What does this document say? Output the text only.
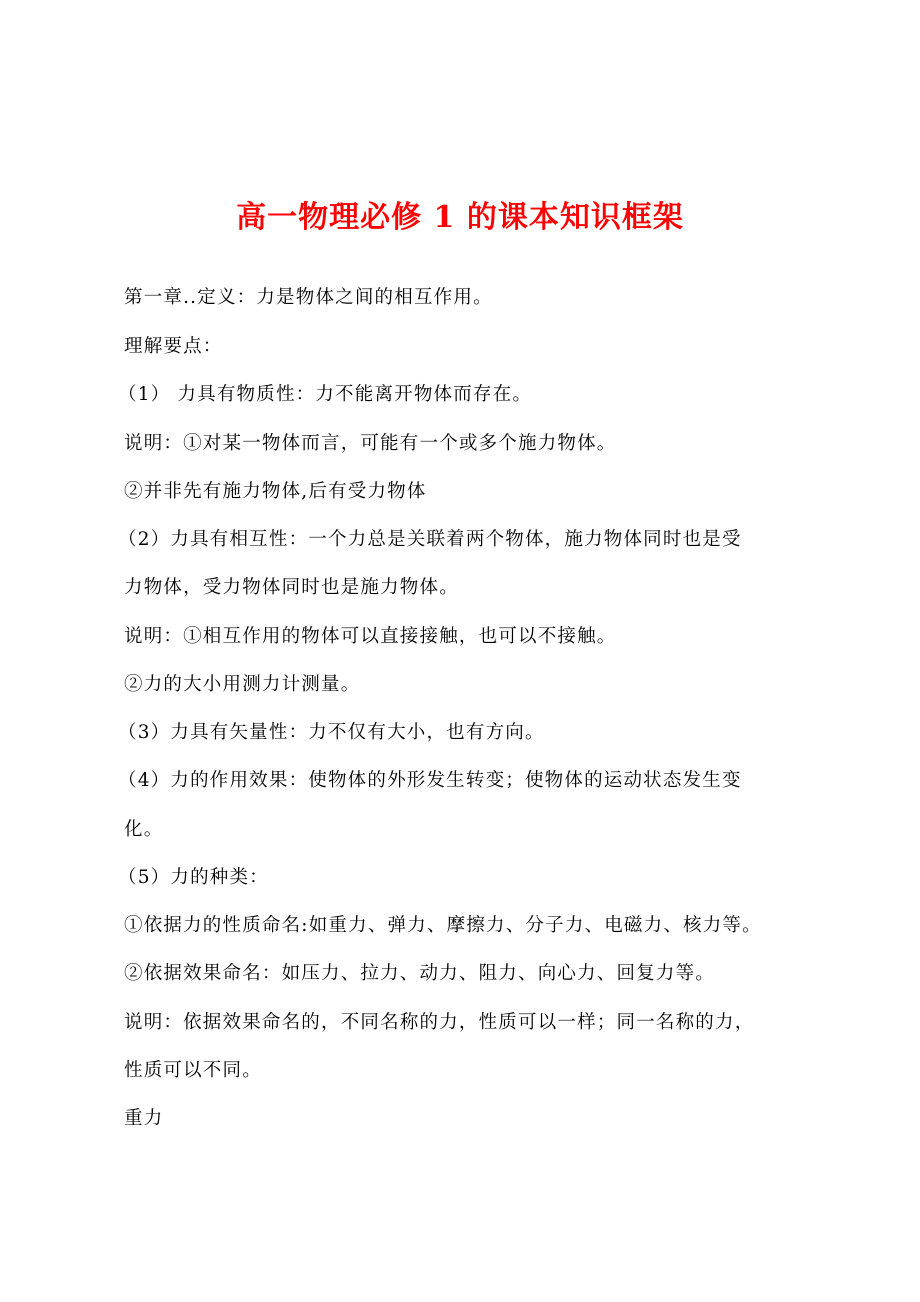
高一物理必修 1 的课本知识框架
第一章..定义：力是物体之间的相互作用。
理解要点：
（1） 力具有物质性：力不能离开物体而存在。
说明：①对某一物体而言，可能有一个或多个施力物体。
②并非先有施力物体,后有受力物体
（2）力具有相互性：一个力总是关联着两个物体，施力物体同时也是受
力物体，受力物体同时也是施力物体。
说明：①相互作用的物体可以直接接触，也可以不接触。
②力的大小用测力计测量。
（3）力具有矢量性：力不仅有大小，也有方向。
（4）力的作用效果：使物体的外形发生转变；使物体的运动状态发生变
化。
（5）力的种类：
①依据力的性质命名:如重力、弹力、摩擦力、分子力、电磁力、核力等。
②依据效果命名：如压力、拉力、动力、阻力、向心力、回复力等。
说明：依据效果命名的，不同名称的力，性质可以一样；同一名称的力，
性质可以不同。
重力
